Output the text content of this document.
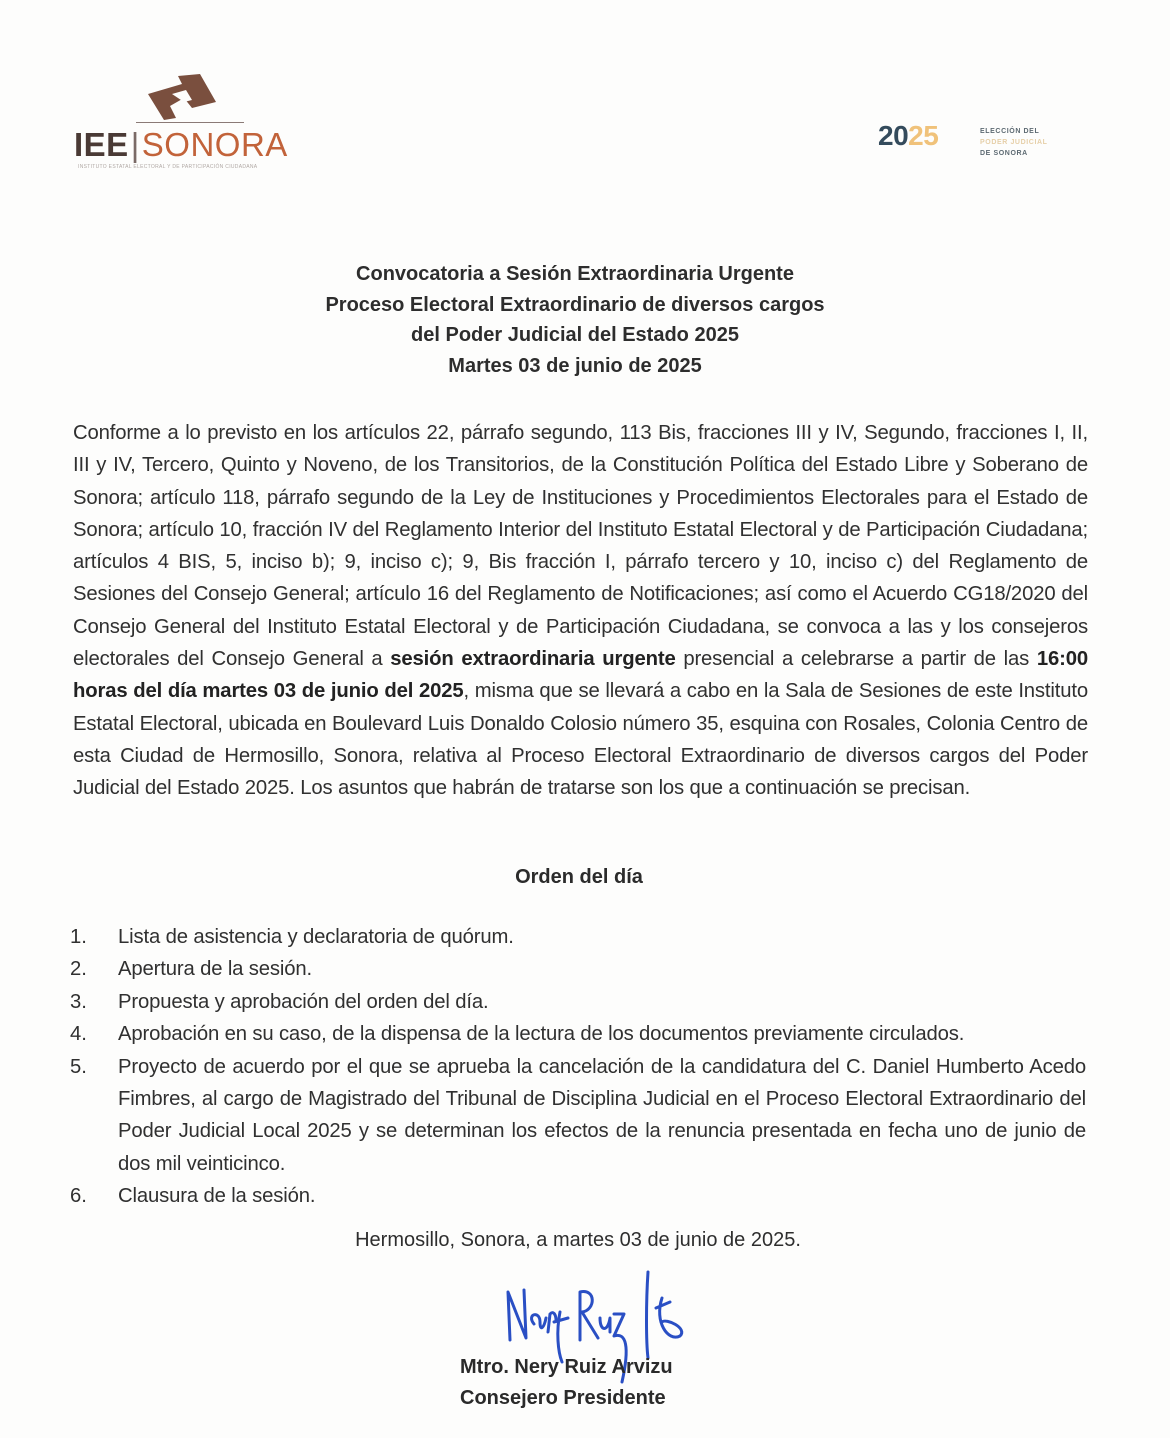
IEE|SONORA
INSTITUTO ESTATAL ELECTORAL Y DE PARTICIPACIÓN CIUDADANA
2025	ELECCIÓN DEL
PODER JUDICIAL
DE SONORA
Convocatoria a Sesión Extraordinaria Urgente
Proceso Electoral Extraordinario de diversos cargos
del Poder Judicial del Estado 2025
Martes 03 de junio de 2025
Conforme a lo previsto en los artículos 22, párrafo segundo, 113 Bis, fracciones III y IV, Segundo, fracciones I, II, III y IV, Tercero, Quinto y Noveno, de los Transitorios, de la Constitución Política del Estado Libre y Soberano de Sonora; artículo 118, párrafo segundo de la Ley de Instituciones y Procedimientos Electorales para el Estado de Sonora; artículo 10, fracción IV del Reglamento Interior del Instituto Estatal Electoral y de Participación Ciudadana; artículos 4 BIS, 5, inciso b); 9, inciso c); 9, Bis fracción I, párrafo tercero y 10, inciso c) del Reglamento de Sesiones del Consejo General; artículo 16 del Reglamento de Notificaciones; así como el Acuerdo CG18/2020 del Consejo General del Instituto Estatal Electoral y de Participación Ciudadana, se convoca a las y los consejeros electorales del Consejo General a sesión extraordinaria urgente presencial a celebrarse a partir de las 16:00 horas del día martes 03 de junio del 2025, misma que se llevará a cabo en la Sala de Sesiones de este Instituto Estatal Electoral, ubicada en Boulevard Luis Donaldo Colosio número 35, esquina con Rosales, Colonia Centro de esta Ciudad de Hermosillo, Sonora, relativa al Proceso Electoral Extraordinario de diversos cargos del Poder Judicial del Estado 2025. Los asuntos que habrán de tratarse son los que a continuación se precisan.
Orden del día
1.	Lista de asistencia y declaratoria de quórum.
2.	Apertura de la sesión.
3.	Propuesta y aprobación del orden del día.
4.	Aprobación en su caso, de la dispensa de la lectura de los documentos previamente circulados.
5.	Proyecto de acuerdo por el que se aprueba la cancelación de la candidatura del C. Daniel Humberto Acedo Fimbres, al cargo de Magistrado del Tribunal de Disciplina Judicial en el Proceso Electoral Extraordinario del Poder Judicial Local 2025 y se determinan los efectos de la renuncia presentada en fecha uno de junio de dos mil veinticinco.
6.	Clausura de la sesión.
Hermosillo, Sonora, a martes 03 de junio de 2025.
Mtro. Nery Ruiz Arvizu
Consejero Presidente
